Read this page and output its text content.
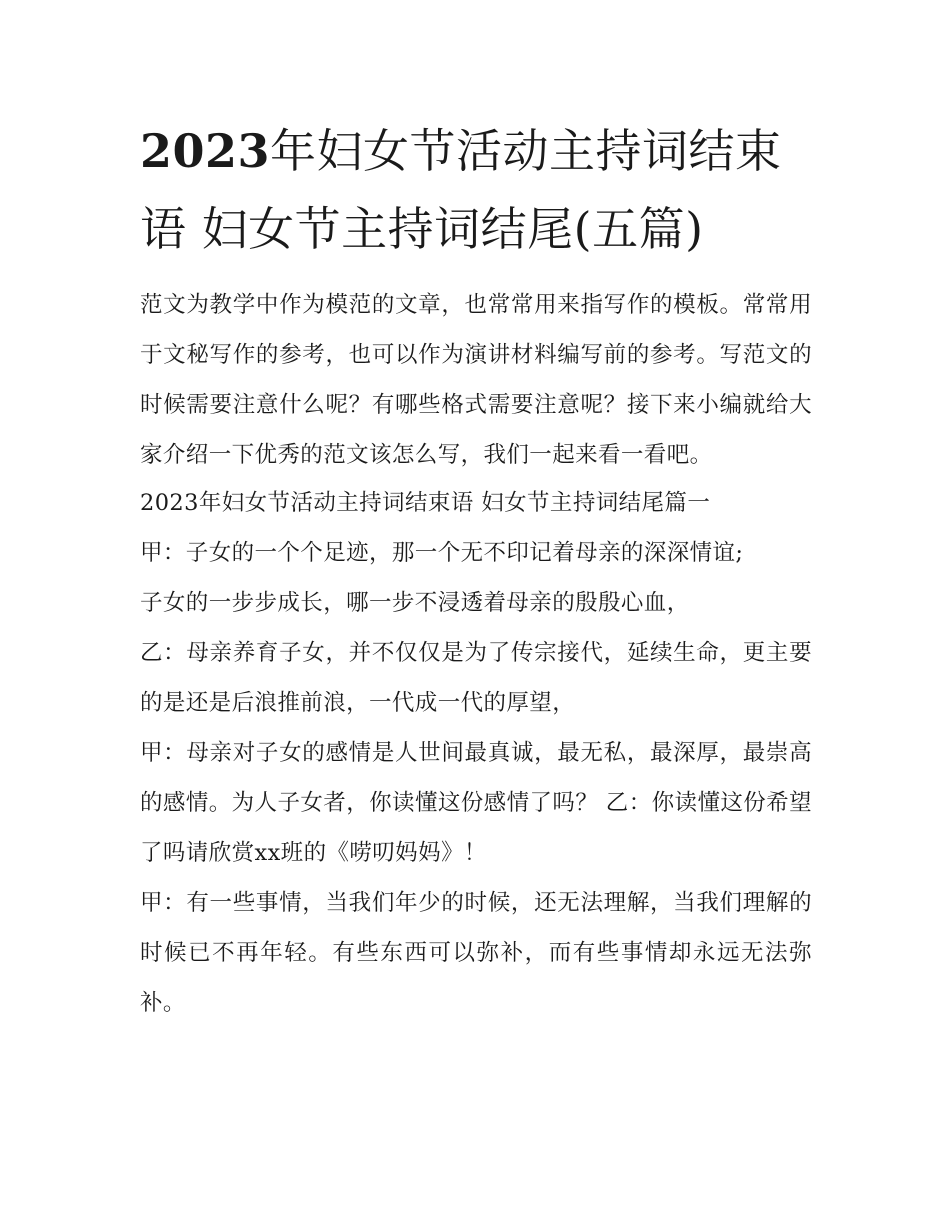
2023年妇女节活动主持词结束语 妇女节主持词结尾(五篇)

范文为教学中作为模范的文章，也常常用来指写作的模板。常常用于文秘写作的参考，也可以作为演讲材料编写前的参考。写范文的时候需要注意什么呢？有哪些格式需要注意呢？接下来小编就给大家介绍一下优秀的范文该怎么写，我们一起来看一看吧。

2023年妇女节活动主持词结束语 妇女节主持词结尾篇一

甲：子女的一个个足迹，那一个无不印记着母亲的深深情谊;

子女的一步步成长，哪一步不浸透着母亲的殷殷心血，

乙：母亲养育子女，并不仅仅是为了传宗接代，延续生命，更主要的是还是后浪推前浪，一代成一代的厚望，

甲：母亲对子女的感情是人世间最真诚，最无私，最深厚，最崇高的感情。为人子女者，你读懂这份感情了吗？ 乙：你读懂这份希望了吗请欣赏xx班的《唠叨妈妈》！

甲：有一些事情，当我们年少的时候，还无法理解，当我们理解的时候已不再年轻。有些东西可以弥补，而有些事情却永远无法弥补。
